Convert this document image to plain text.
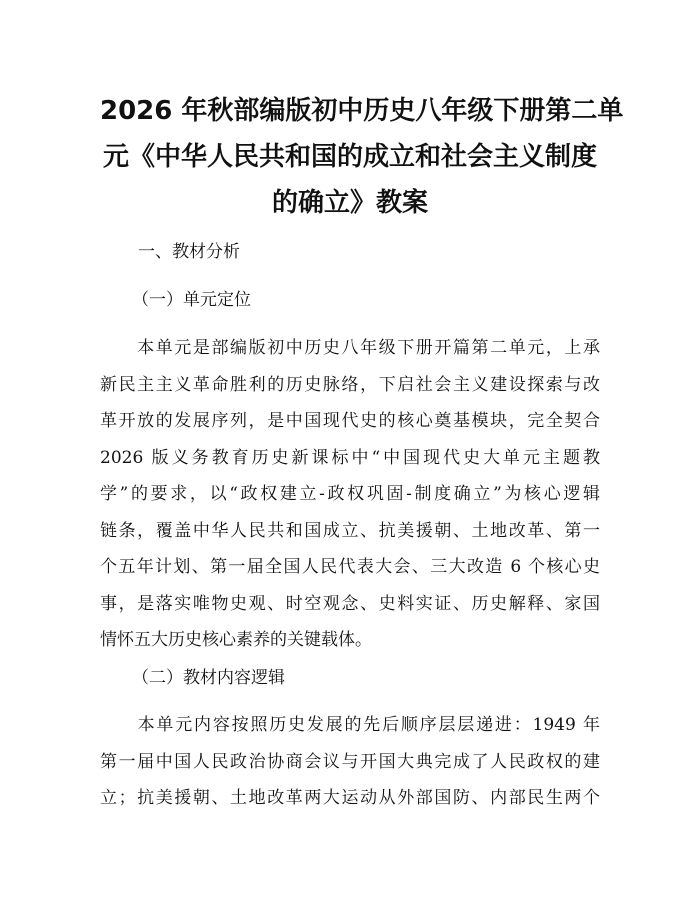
2026 年秋部编版初中历史八年级下册第二单
元《中华人民共和国的成立和社会主义制度
的确立》教案

一、教材分析

（一）单元定位

　　本单元是部编版初中历史八年级下册开篇第二单元，上承
新民主主义革命胜利的历史脉络，下启社会主义建设探索与改
革开放的发展序列，是中国现代史的核心奠基模块，完全契合
2026 版义务教育历史新课标中“中国现代史大单元主题教
学”的要求，以“政权建立-政权巩固-制度确立”为核心逻辑
链条，覆盖中华人民共和国成立、抗美援朝、土地改革、第一
个五年计划、第一届全国人民代表大会、三大改造 6 个核心史
事，是落实唯物史观、时空观念、史料实证、历史解释、家国
情怀五大历史核心素养的关键载体。

（二）教材内容逻辑

　　本单元内容按照历史发展的先后顺序层层递进：1949 年
第一届中国人民政治协商会议与开国大典完成了人民政权的建
立；抗美援朝、土地改革两大运动从外部国防、内部民生两个
